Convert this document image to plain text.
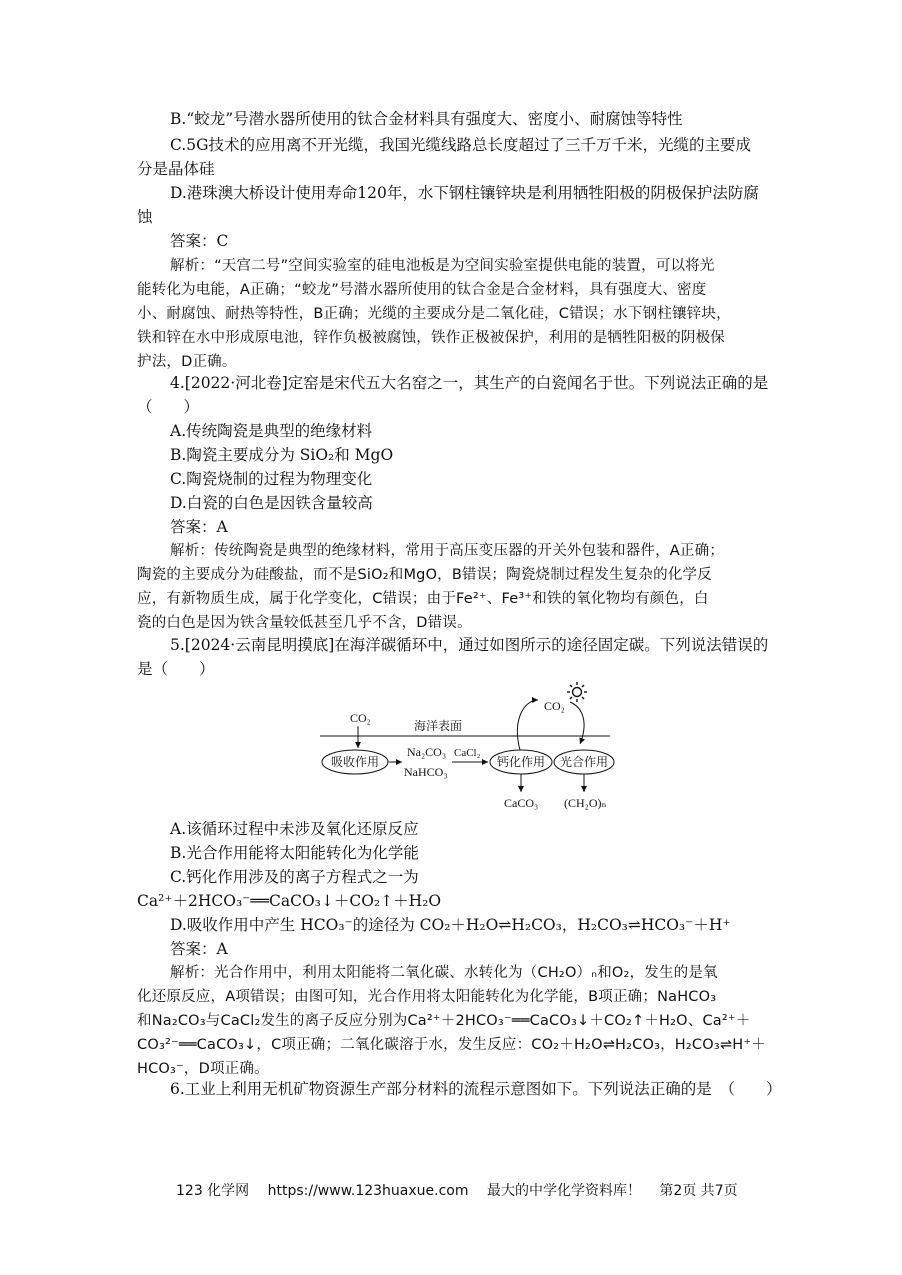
B.“蛟龙”号潜水器所使用的钛合金材料具有强度大、密度小、耐腐蚀等特性
C.5G技术的应用离不开光缆，我国光缆线路总长度超过了三千万千米，光缆的主要成
分是晶体硅
D.港珠澳大桥设计使用寿命120年，水下钢柱镶锌块是利用牺牲阳极的阴极保护法防腐
蚀
答案：C
解析：“天宫二号”空间实验室的硅电池板是为空间实验室提供电能的装置，可以将光
能转化为电能，A正确；“蛟龙”号潜水器所使用的钛合金是合金材料，具有强度大、密度
小、耐腐蚀、耐热等特性，B正确；光缆的主要成分是二氧化硅，C错误；水下钢柱镶锌块，
铁和锌在水中形成原电池，锌作负极被腐蚀，铁作正极被保护，利用的是牺牲阳极的阴极保
护法，D正确。
4.[2022·河北卷]定窑是宋代五大名窑之一，其生产的白瓷闻名于世。下列说法正确的是
（　　）
A.传统陶瓷是典型的绝缘材料
B.陶瓷主要成分为 SiO₂和 MgO
C.陶瓷烧制的过程为物理变化
D.白瓷的白色是因铁含量较高
答案：A
解析：传统陶瓷是典型的绝缘材料，常用于高压变压器的开关外包装和器件，A正确；
陶瓷的主要成分为硅酸盐，而不是SiO₂和MgO，B错误；陶瓷烧制过程发生复杂的化学反
应，有新物质生成，属于化学变化，C错误；由于Fe²⁺、Fe³⁺和铁的氧化物均有颜色，白
瓷的白色是因为铁含量较低甚至几乎不含，D错误。
5.[2024·云南昆明摸底]在海洋碳循环中，通过如图所示的途径固定碳。下列说法错误的
是（　　）
CO₂
海洋表面
CO₂
吸收作用
Na₂CO₃
NaHCO₃
CaCl₂
钙化作用 光合作用
CaCO₃ (CH₂O)ₙ
A.该循环过程中未涉及氧化还原反应
B.光合作用能将太阳能转化为化学能
C.钙化作用涉及的离子方程式之一为
Ca²⁺＋2HCO₃⁻══CaCO₃↓＋CO₂↑＋H₂O
D.吸收作用中产生 HCO₃⁻的途径为 CO₂＋H₂O⇌H₂CO₃，H₂CO₃⇌HCO₃⁻＋H⁺
答案：A
解析：光合作用中，利用太阳能将二氧化碳、水转化为（CH₂O）ₙ和O₂，发生的是氧
化还原反应，A项错误；由图可知，光合作用将太阳能转化为化学能，B项正确；NaHCO₃
和Na₂CO₃与CaCl₂发生的离子反应分别为Ca²⁺＋2HCO₃⁻══CaCO₃↓＋CO₂↑＋H₂O、Ca²⁺＋
CO₃²⁻══CaCO₃↓，C项正确；二氧化碳溶于水，发生反应：CO₂＋H₂O⇌H₂CO₃，H₂CO₃⇌H⁺＋
HCO₃⁻，D项正确。
6.工业上利用无机矿物资源生产部分材料的流程示意图如下。下列说法正确的是　（　　）
123 化学网 https://www.123huaxue.com 最大的中学化学资料库！ 第2页 共7页
